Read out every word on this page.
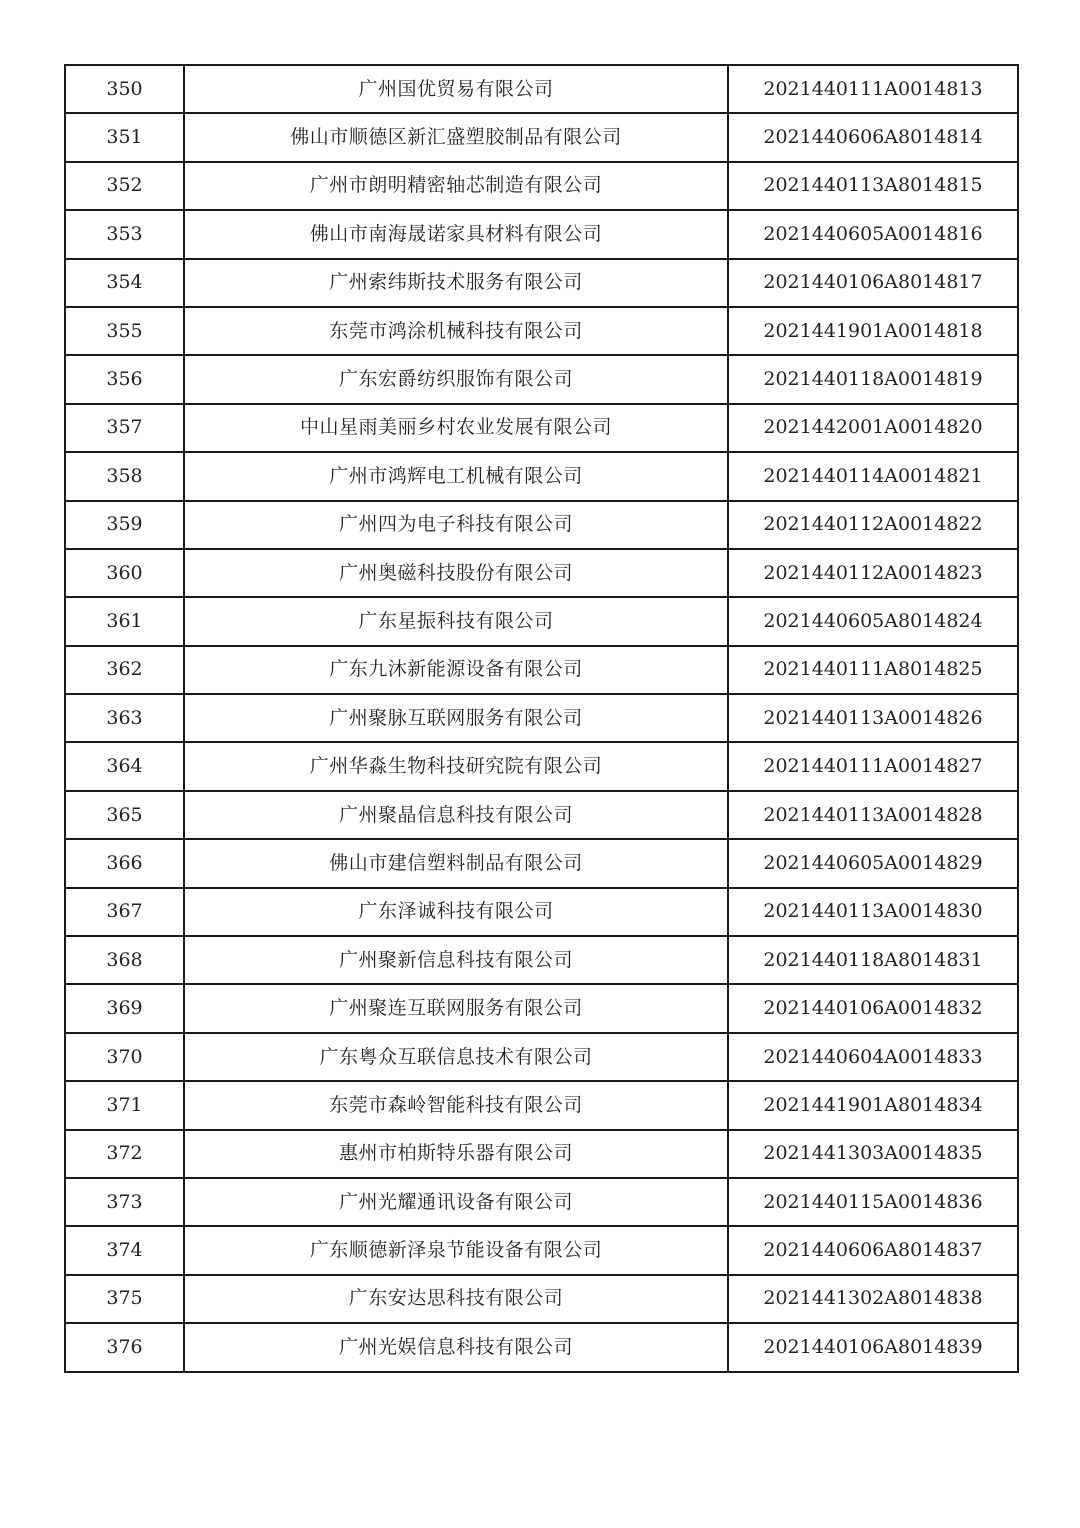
350	广州国优贸易有限公司	2021440111A0014813
351	佛山市顺德区新汇盛塑胶制品有限公司	2021440606A8014814
352	广州市朗明精密轴芯制造有限公司	2021440113A8014815
353	佛山市南海晟诺家具材料有限公司	2021440605A0014816
354	广州索纬斯技术服务有限公司	2021440106A8014817
355	东莞市鸿涂机械科技有限公司	2021441901A0014818
356	广东宏爵纺织服饰有限公司	2021440118A0014819
357	中山星雨美丽乡村农业发展有限公司	2021442001A0014820
358	广州市鸿辉电工机械有限公司	2021440114A0014821
359	广州四为电子科技有限公司	2021440112A0014822
360	广州奥磁科技股份有限公司	2021440112A0014823
361	广东星振科技有限公司	2021440605A8014824
362	广东九沐新能源设备有限公司	2021440111A8014825
363	广州聚脉互联网服务有限公司	2021440113A0014826
364	广州华淼生物科技研究院有限公司	2021440111A0014827
365	广州聚晶信息科技有限公司	2021440113A0014828
366	佛山市建信塑料制品有限公司	2021440605A0014829
367	广东泽诚科技有限公司	2021440113A0014830
368	广州聚新信息科技有限公司	2021440118A8014831
369	广州聚连互联网服务有限公司	2021440106A0014832
370	广东粤众互联信息技术有限公司	2021440604A0014833
371	东莞市森岭智能科技有限公司	2021441901A8014834
372	惠州市柏斯特乐器有限公司	2021441303A0014835
373	广州光耀通讯设备有限公司	2021440115A0014836
374	广东顺德新泽泉节能设备有限公司	2021440606A8014837
375	广东安达思科技有限公司	2021441302A8014838
376	广州光娱信息科技有限公司	2021440106A8014839
